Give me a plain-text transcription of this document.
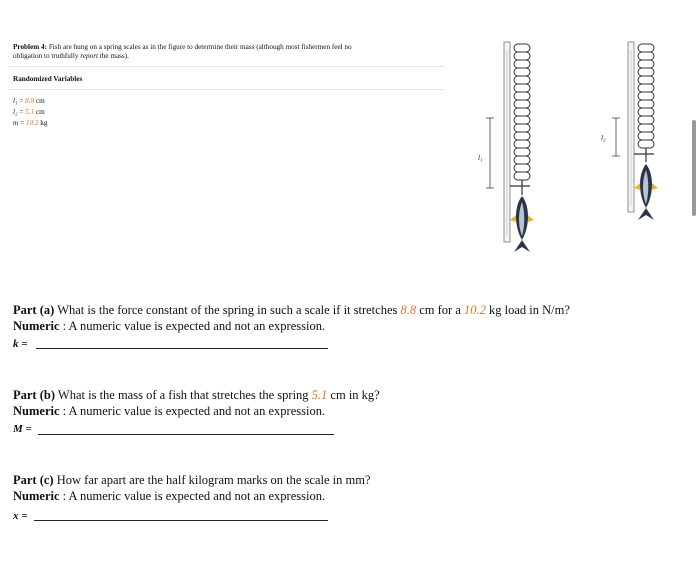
Problem 4: Fish are hung on a spring scales as in the figure to determine their mass (although most fishermen feel no
obligation to truthfully report the mass).
Randomized Variables
l₁ = 8.8 cm
l₂ = 5.1 cm
m = 10.2 kg
l₁
l₂
Part (a) What is the force constant of the spring in such a scale if it stretches 8.8 cm for a 10.2 kg load in N/m?
Numeric : A numeric value is expected and not an expression.
k =
Part (b) What is the mass of a fish that stretches the spring 5.1 cm in kg?
Numeric : A numeric value is expected and not an expression.
M =
Part (c) How far apart are the half kilogram marks on the scale in mm?
Numeric : A numeric value is expected and not an expression.
x =
